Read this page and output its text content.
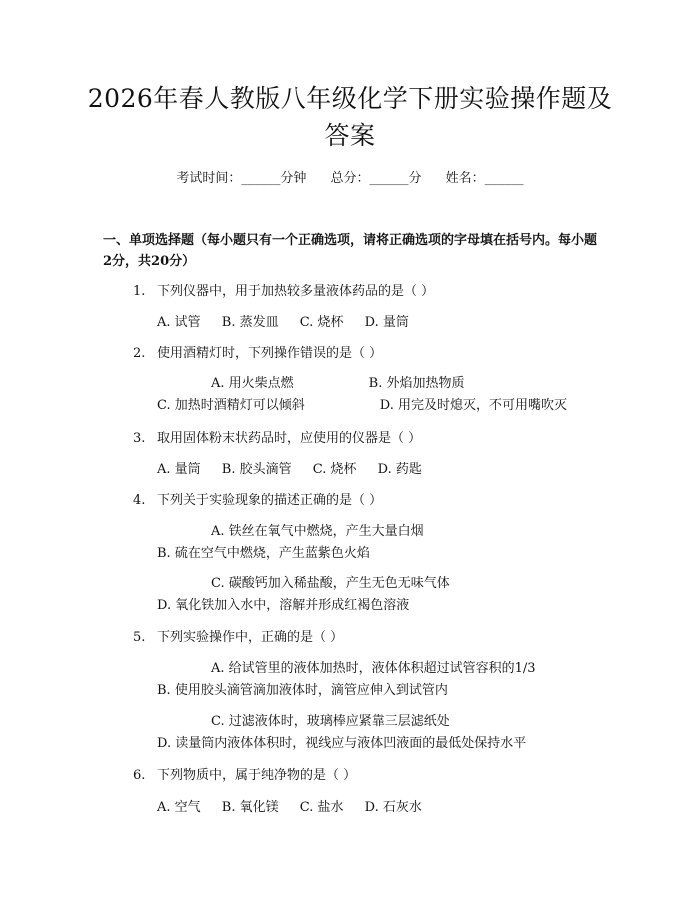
2026年春人教版八年级化学下册实验操作题及答案
考试时间：______分钟 总分：______分 姓名：______
一、单项选择题（每小题只有一个正确选项，请将正确选项的字母填在括号内。每小题2分，共20分）
1. 下列仪器中，用于加热较多量液体药品的是（ ）
A. 试管 B. 蒸发皿 C. 烧杯 D. 量筒
2. 使用酒精灯时，下列操作错误的是（ ）
A. 用火柴点燃	B. 外焰加热物质C. 加热时酒精灯可以倾斜	D. 用完及时熄灭，不可用嘴吹灭
3. 取用固体粉末状药品时，应使用的仪器是（ ）
A. 量筒 B. 胶头滴管 C. 烧杯 D. 药匙
4. 下列关于实验现象的描述正确的是（ ）
A. 铁丝在氧气中燃烧，产生大量白烟B. 硫在空气中燃烧，产生蓝紫色火焰
C. 碳酸钙加入稀盐酸，产生无色无味气体D. 氧化铁加入水中，溶解并形成红褐色溶液
5. 下列实验操作中，正确的是（ ）
A. 给试管里的液体加热时，液体体积超过试管容积的1/3B. 使用胶头滴管滴加液体时，滴管应伸入到试管内
C. 过滤液体时，玻璃棒应紧靠三层滤纸处D. 读量筒内液体体积时，视线应与液体凹液面的最低处保持水平
6. 下列物质中，属于纯净物的是（ ）
A. 空气 B. 氧化镁 C. 盐水 D. 石灰水
